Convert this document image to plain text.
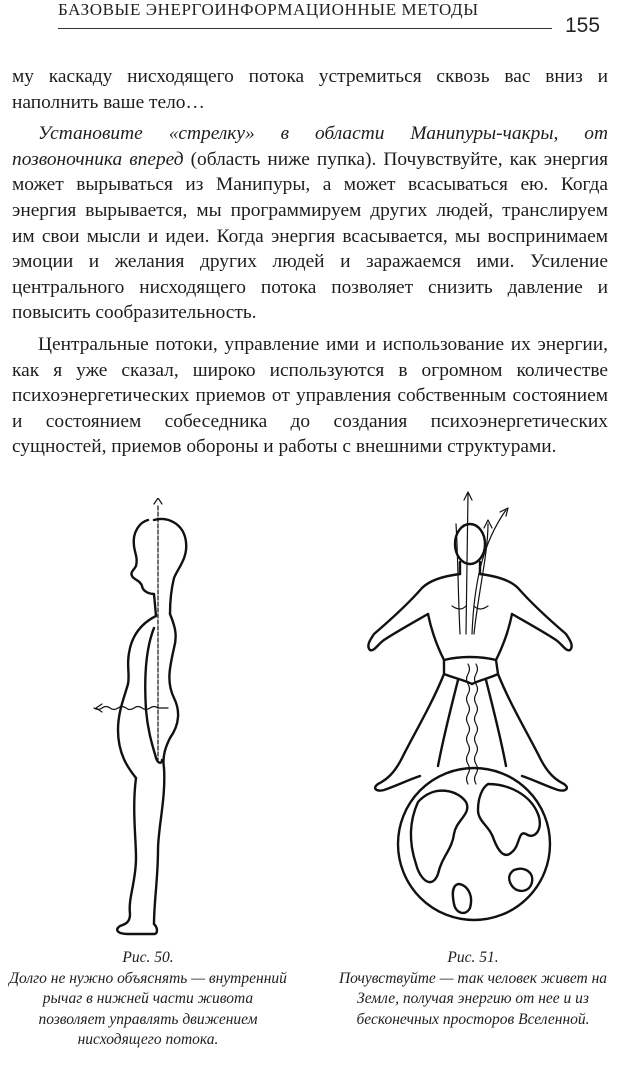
БАЗОВЫЕ ЭНЕРГОИНФОРМАЦИОННЫЕ МЕТОДЫ
155

му каскаду нисходящего потока устремиться сквозь вас вниз и наполнить ваше тело…

Установите «стрелку» в области Манипуры-чакры, от позвоночника вперед (область ниже пупка). Почувствуйте, как энергия может вырываться из Манипуры, а может всасываться ею. Когда энергия вырывается, мы программируем других людей, транслируем им свои мысли и идеи. Когда энергия всасывается, мы воспринимаем эмоции и желания других людей и заражаемся ими. Усиление центрального нисходящего потока позволяет снизить давление и повысить сообразительность.

Центральные потоки, управление ими и использование их энергии, как я уже сказал, широко используются в огромном количестве психоэнергетических приемов от управления собственным состоянием и состоянием собеседника до создания психоэнергетических сущностей, приемов обороны и работы с внешними структурами.

Рис. 50.
Долго не нужно объяснять — внутренний рычаг в нижней части живота позволяет управлять движением нисходящего потока.
Рис. 51.
Почувствуйте — так человек живет на Земле, получая энергию от нее и из бесконечных просторов Вселенной.
